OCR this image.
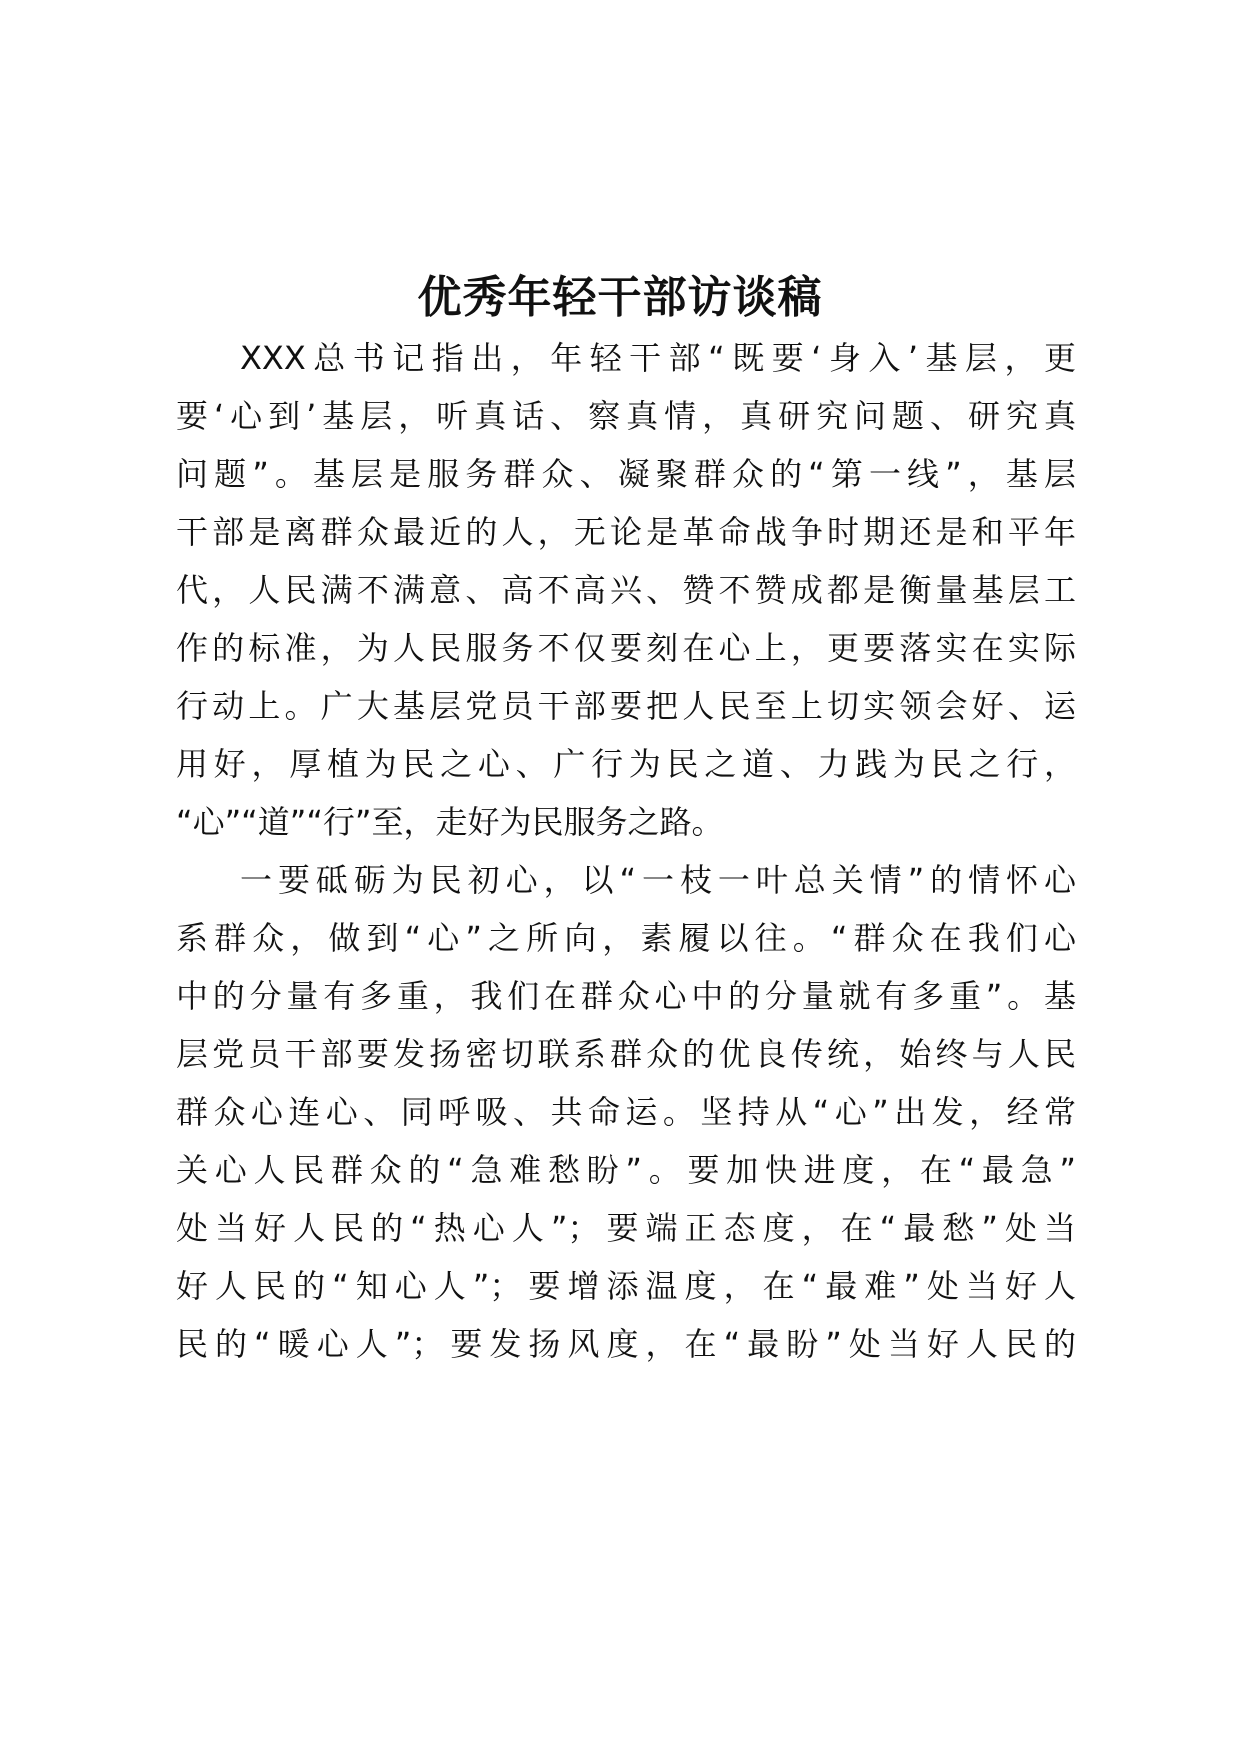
优秀年轻干部访谈稿
XXX总书记指出，年轻干部“既要‘身入’基层，更
要‘心到’基层，听真话、察真情，真研究问题、研究真
问题”。基层是服务群众、凝聚群众的“第一线”，基层
干部是离群众最近的人，无论是革命战争时期还是和平年
代，人民满不满意、高不高兴、赞不赞成都是衡量基层工
作的标准，为人民服务不仅要刻在心上，更要落实在实际
行动上。广大基层党员干部要把人民至上切实领会好、运
用好，厚植为民之心、广行为民之道、力践为民之行，
“心”“道”“行”至，走好为民服务之路。
一要砥砺为民初心，以“一枝一叶总关情”的情怀心
系群众，做到“心”之所向，素履以往。“群众在我们心
中的分量有多重，我们在群众心中的分量就有多重”。基
层党员干部要发扬密切联系群众的优良传统，始终与人民
群众心连心、同呼吸、共命运。坚持从“心”出发，经常
关心人民群众的“急难愁盼”。要加快进度，在“最急”
处当好人民的“热心人”；要端正态度，在“最愁”处当
好人民的“知心人”；要增添温度，在“最难”处当好人
民的“暖心人”；要发扬风度，在“最盼”处当好人民的
